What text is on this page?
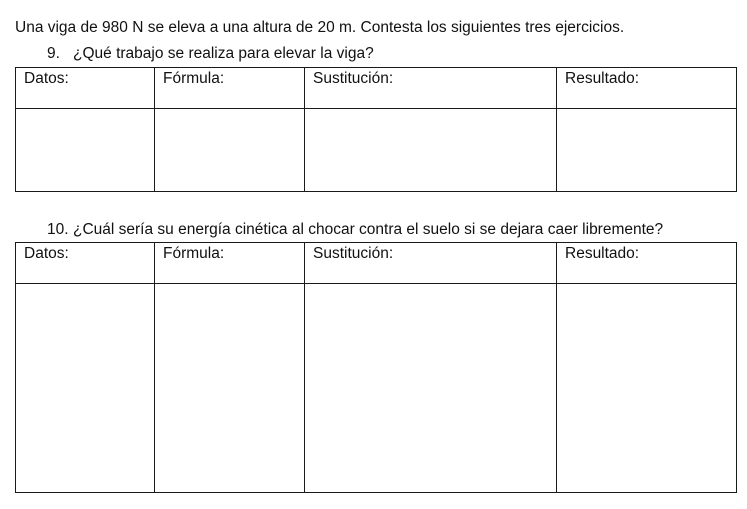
Una viga de 980 N se eleva a una altura de 20 m. Contesta los siguientes tres ejercicios.
9. ¿Qué trabajo se realiza para elevar la viga?
Datos:	Fórmula:	Sustitución:	Resultado:

10. ¿Cuál sería su energía cinética al chocar contra el suelo si se dejara caer libremente?
Datos:	Fórmula:	Sustitución:	Resultado:
